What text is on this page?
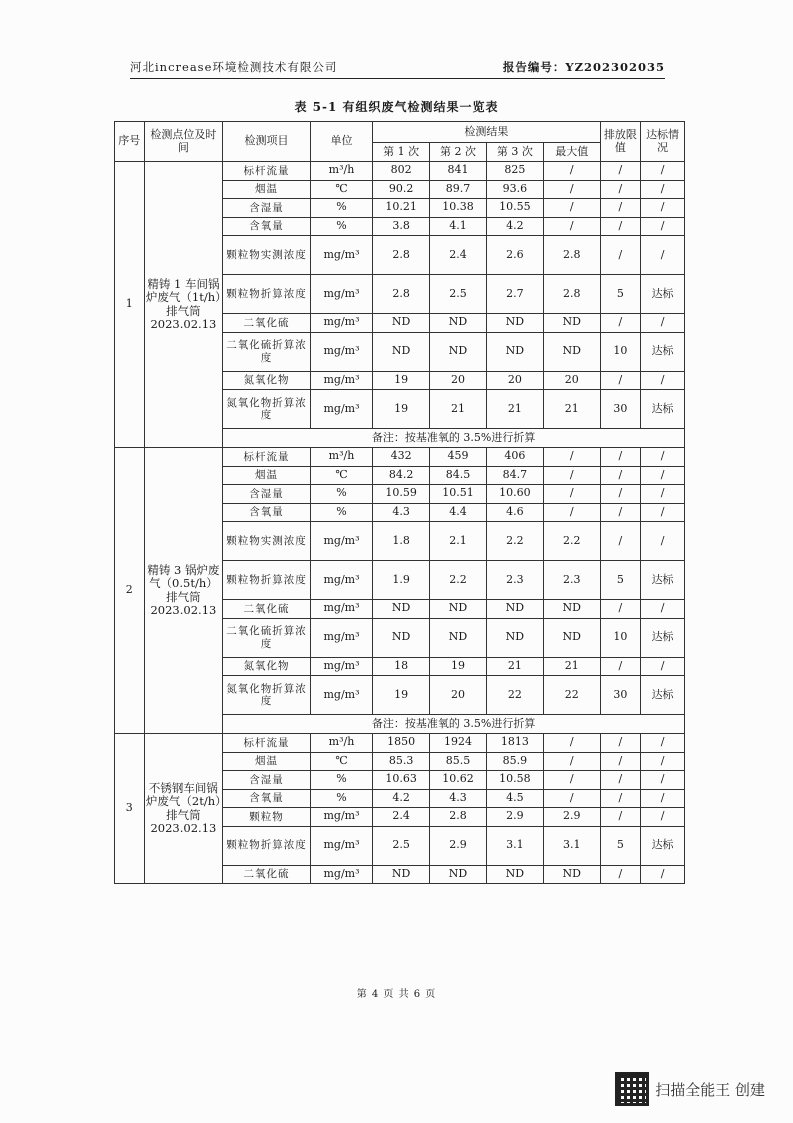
河北increase环境检测技术有限公司	报告编号：YZ202302035
表 5-1 有组织废气检测结果一览表
序号	检测点位及时间	检测项目	单位	检测结果				排放限值	达标情况
				第 1 次	第 2 次	第 3 次	最大值		
1	精铸 1 车间锅炉废气（1t/h）排气筒 2023.02.13	标杆流量	m³/h	802	841	825	/	/	/
		烟温	℃	90.2	89.7	93.6	/	/	/
		含湿量	%	10.21	10.38	10.55	/	/	/
		含氧量	%	3.8	4.1	4.2	/	/	/
		颗粒物实测浓度	mg/m³	2.8	2.4	2.6	2.8	/	/
		颗粒物折算浓度	mg/m³	2.8	2.5	2.7	2.8	5	达标
		二氧化硫	mg/m³	ND	ND	ND	ND	/	/
		二氧化硫折算浓度	mg/m³	ND	ND	ND	ND	10	达标
		氮氧化物	mg/m³	19	20	20	20	/	/
		氮氧化物折算浓度	mg/m³	19	21	21	21	30	达标
		备注：按基准氧的 3.5%进行折算							
2	精铸 3 锅炉废气（0.5t/h）排气筒 2023.02.13	标杆流量	m³/h	432	459	406	/	/	/
		烟温	℃	84.2	84.5	84.7	/	/	/
		含湿量	%	10.59	10.51	10.60	/	/	/
		含氧量	%	4.3	4.4	4.6	/	/	/
		颗粒物实测浓度	mg/m³	1.8	2.1	2.2	2.2	/	/
		颗粒物折算浓度	mg/m³	1.9	2.2	2.3	2.3	5	达标
		二氧化硫	mg/m³	ND	ND	ND	ND	/	/
		二氧化硫折算浓度	mg/m³	ND	ND	ND	ND	10	达标
		氮氧化物	mg/m³	18	19	21	21	/	/
		氮氧化物折算浓度	mg/m³	19	20	22	22	30	达标
		备注：按基准氧的 3.5%进行折算							
3	不锈钢车间锅炉废气（2t/h）排气筒 2023.02.13	标杆流量	m³/h	1850	1924	1813	/	/	/
		烟温	℃	85.3	85.5	85.9	/	/	/
		含湿量	%	10.63	10.62	10.58	/	/	/
		含氧量	%	4.2	4.3	4.5	/	/	/
		颗粒物	mg/m³	2.4	2.8	2.9	2.9	/	/
		颗粒物折算浓度	mg/m³	2.5	2.9	3.1	3.1	5	达标
		二氧化硫	mg/m³	ND	ND	ND	ND	/	/
第 4 页 共 6 页
扫描全能王 创建
